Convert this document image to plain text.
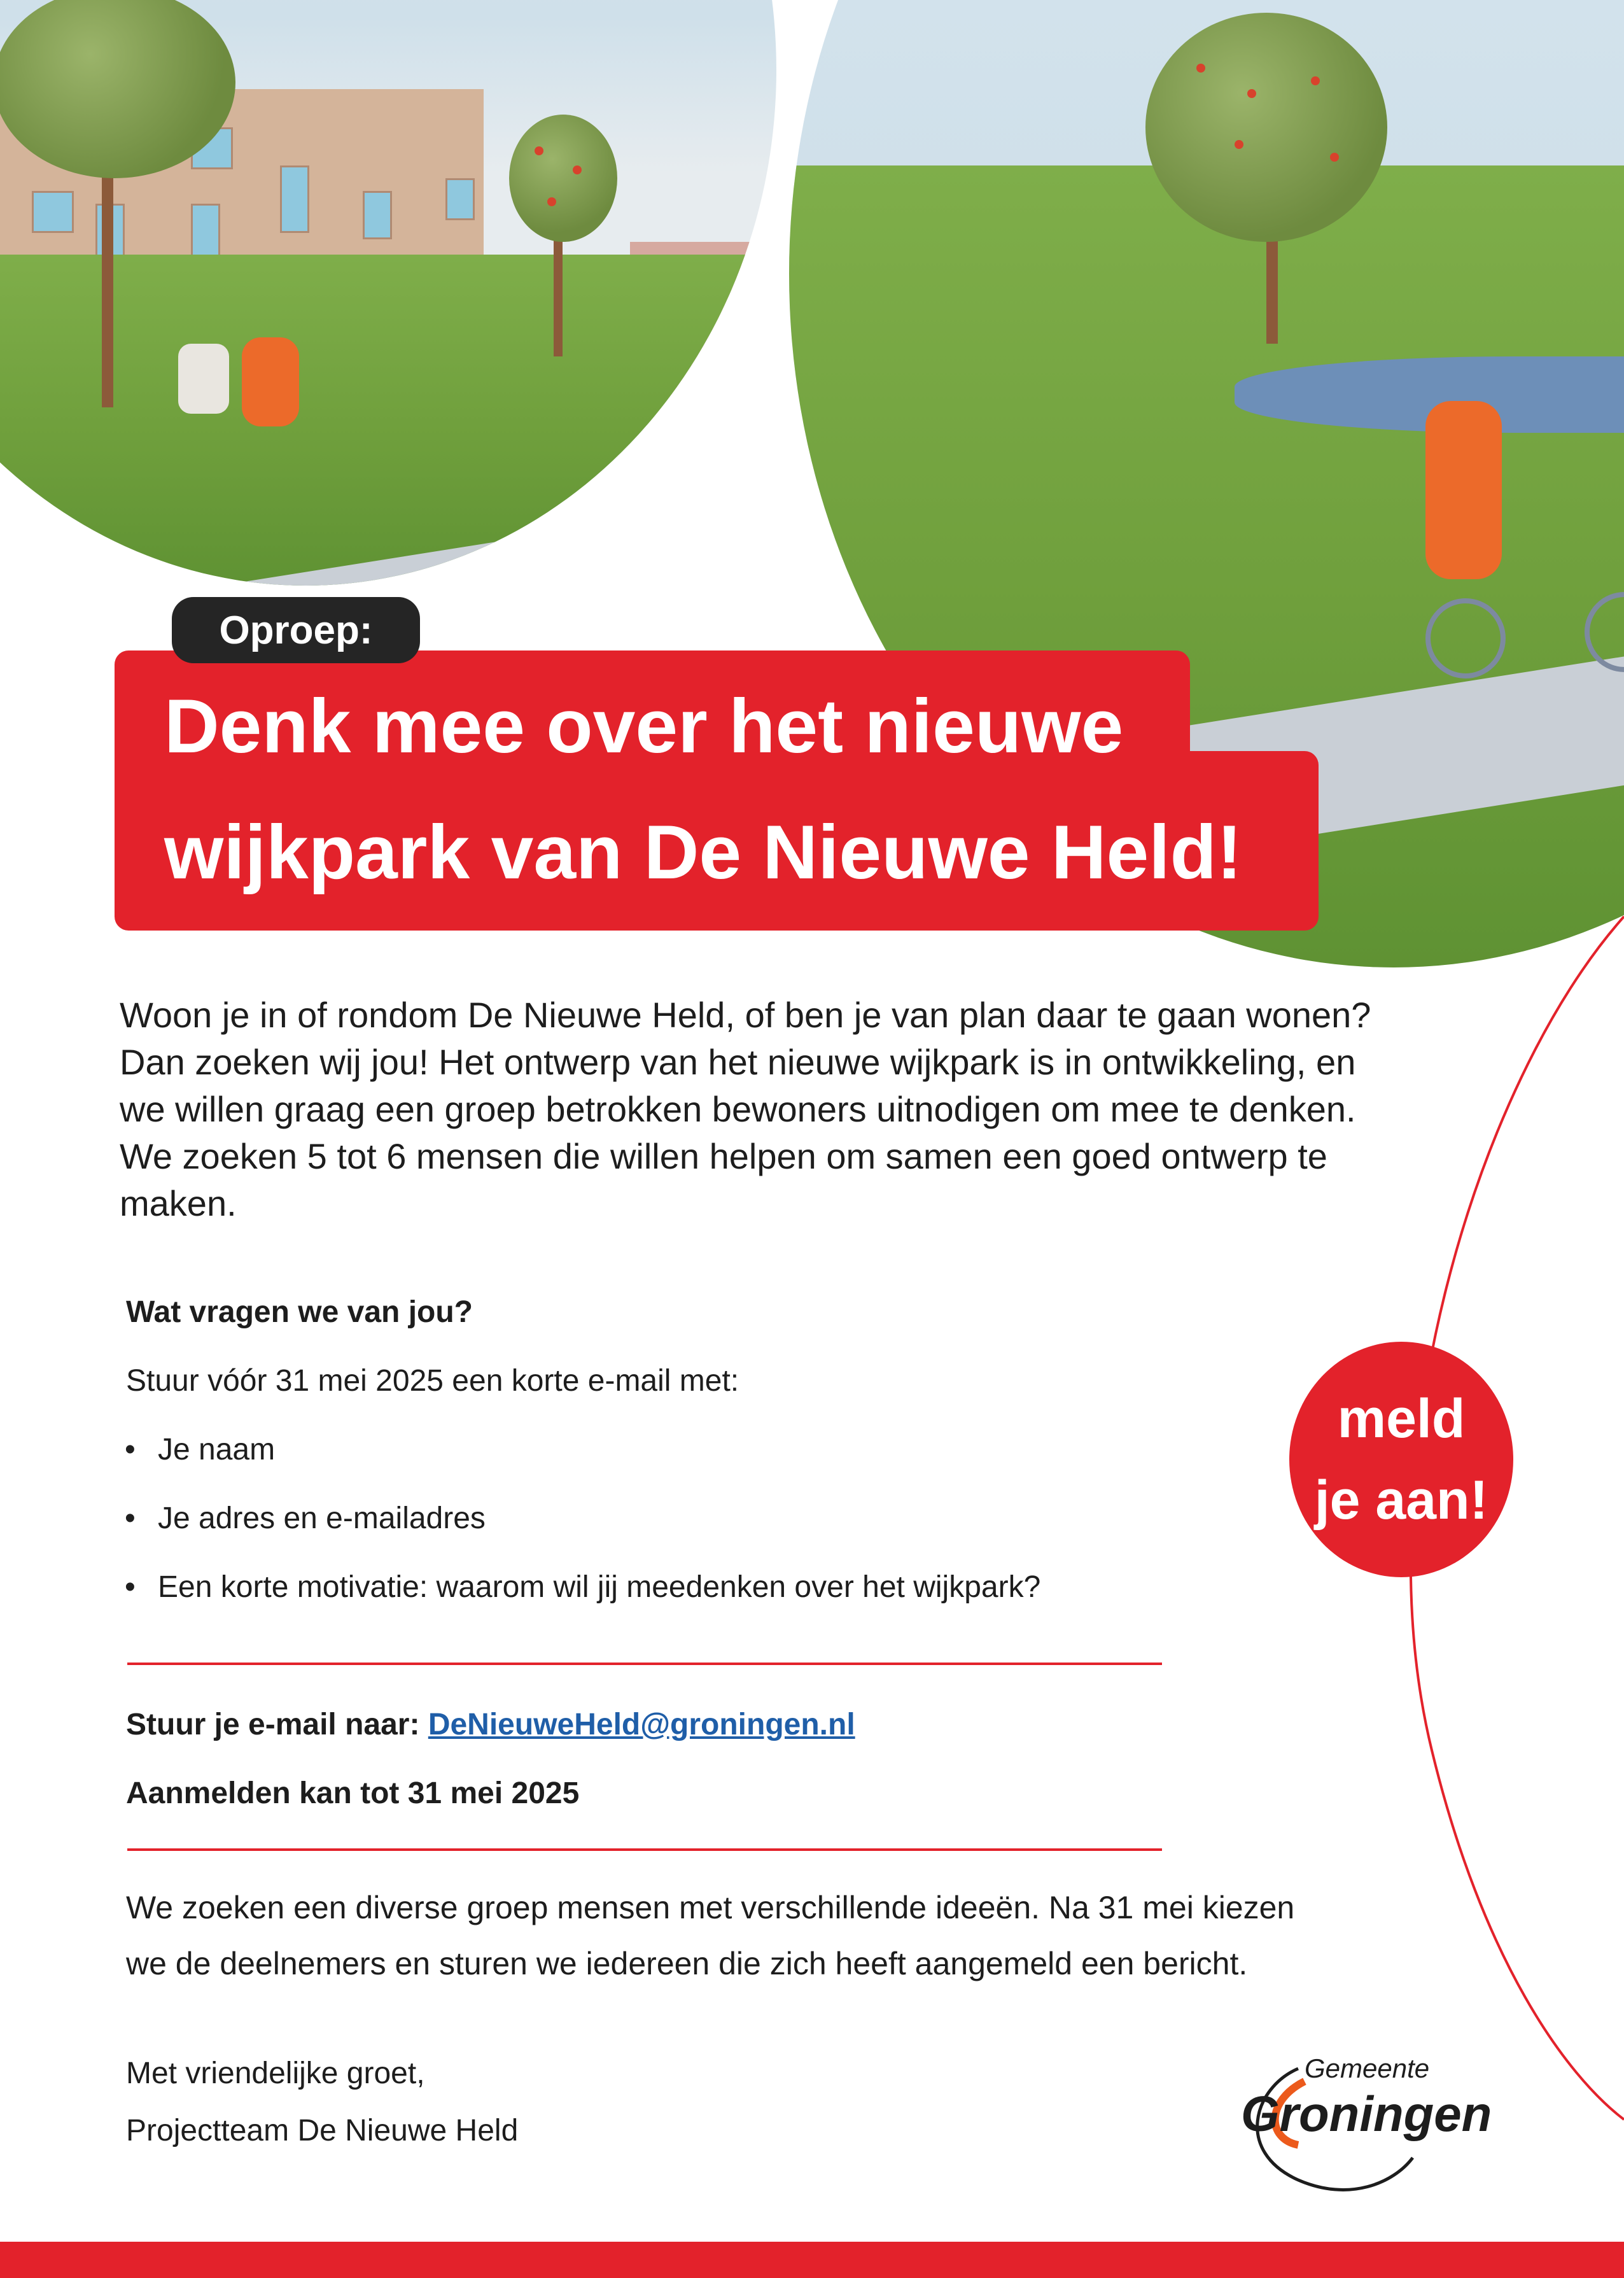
Oproep:
Denk mee over het nieuwe
wijkpark van De Nieuwe Held!
Woon je in of rondom De Nieuwe Held, of ben je van plan daar te gaan wonen? Dan zoeken wij jou! Het ontwerp van het nieuwe wijkpark is in ontwikkeling, en we willen graag een groep betrokken bewoners uitnodigen om mee te denken. We zoeken 5 tot 6 mensen die willen helpen om samen een goed ontwerp te maken.
Wat vragen we van jou?
Stuur vóór 31 mei 2025 een korte e-mail met:
• Je naam
• Je adres en e-mailadres
• Een korte motivatie: waarom wil jij meedenken over het wijkpark?
Stuur je e-mail naar: DeNieuweHeld@groningen.nl
Aanmelden kan tot 31 mei 2025
We zoeken een diverse groep mensen met verschillende ideeën. Na 31 mei kiezen
we de deelnemers en sturen we iedereen die zich heeft aangemeld een bericht.
Met vriendelijke groet,
Projectteam De Nieuwe Held
meld
je aan!
Gemeente
Groningen
